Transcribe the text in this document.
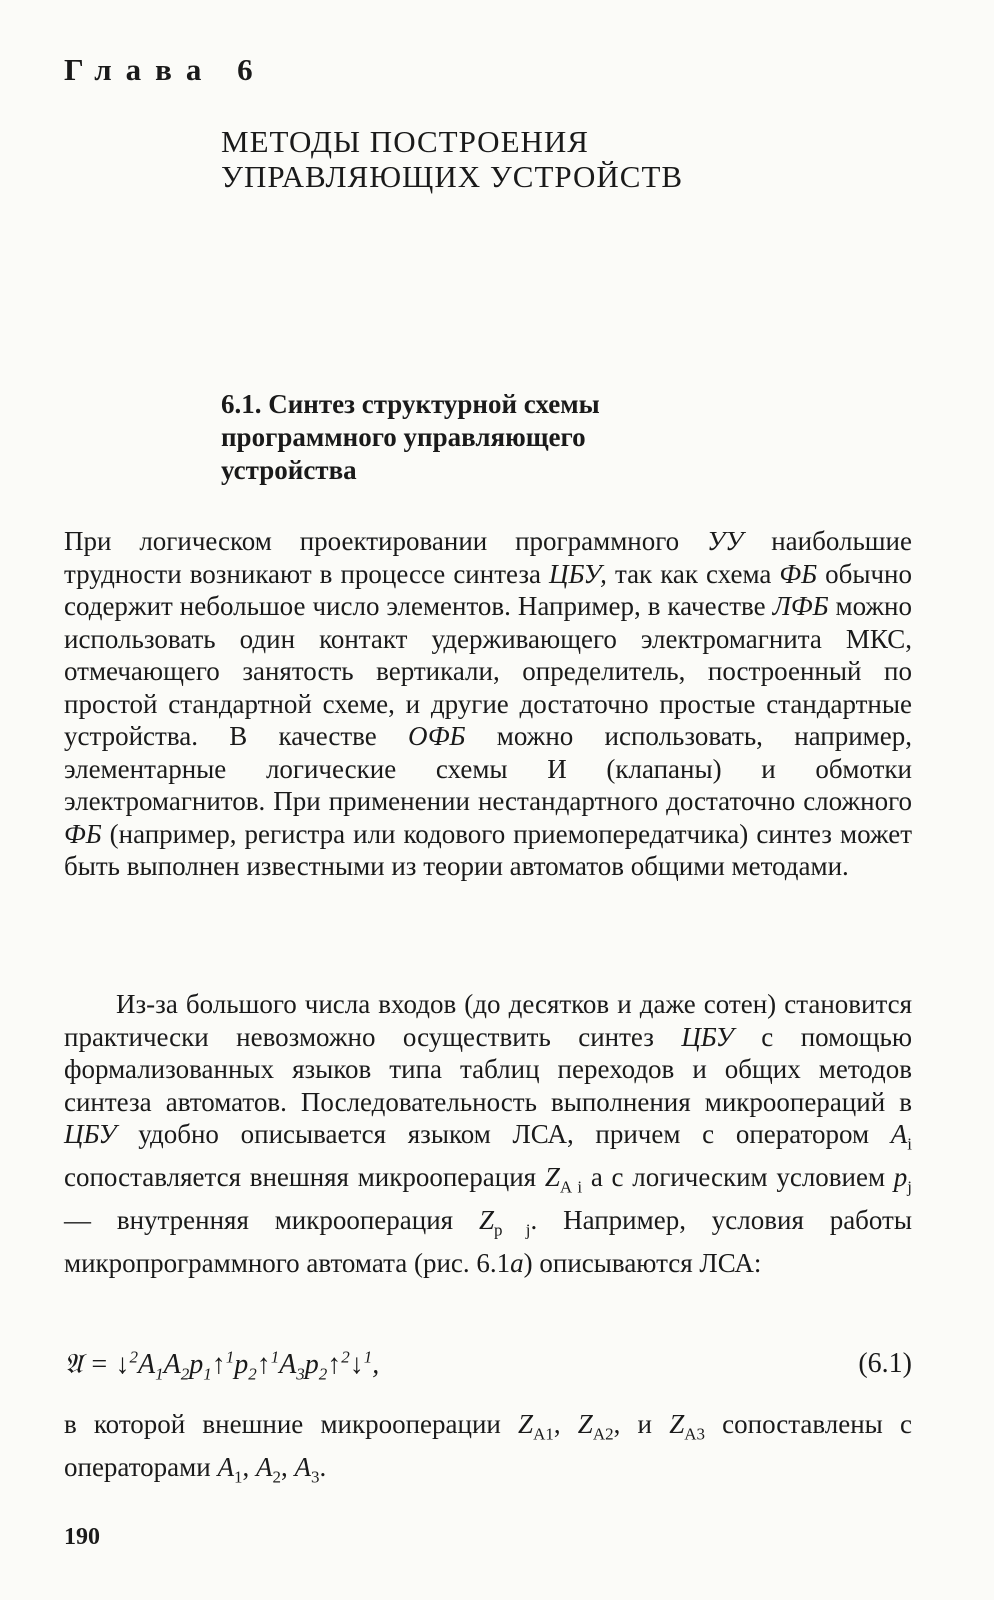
Глава 6
МЕТОДЫ ПОСТРОЕНИЯ
УПРАВЛЯЮЩИХ УСТРОЙСТВ
6.1. Синтез структурной схемы
программного управляющего
устройства

При логическом проектировании программного УУ наибольшие трудности возникают в процессе синтеза ЦБУ, так как схема ФБ обычно содержит небольшое число элементов. Например, в качестве ЛФБ можно использовать один контакт удерживающего электромагнита МКС, отмечающего занятость вертикали, определитель, построенный по простой стандартной схеме, и другие достаточно простые стандартные устройства. В качестве ОФБ можно использовать, например, элементарные логические схемы И (клапаны) и обмотки электромагнитов. При применении нестандартного достаточно сложного ФБ (например, регистра или кодового приемопередатчика) синтез может быть выполнен известными из теории автоматов общими методами.

Из-за большого числа входов (до десятков и даже сотен) становится практически невозможно осуществить синтез ЦБУ с помощью формализованных языков типа таблиц переходов и общих методов синтеза автоматов. Последовательность выполнения микроопераций в ЦБУ удобно описывается языком ЛСА, причем с оператором $A_i$ сопоставляется внешняя микрооперация $Z_{A i}$ а с логическим условием $p_j$ — внутренняя микрооперация $Z_{p j}$. Например, условия работы микропрограммного автомата (рис. 6.1а) описываются ЛСА:

𝔄 = $↓^2A_1A_2p_1↑^1p_2↑^1A_3p_2↑^2↓^1$,	(6.1)

в которой внешние микрооперации $Z_{A1}$, $Z_{A2}$, и $Z_{A3}$ сопоставлены с операторами $A_1$, $A_2$, $A_3$.

190
